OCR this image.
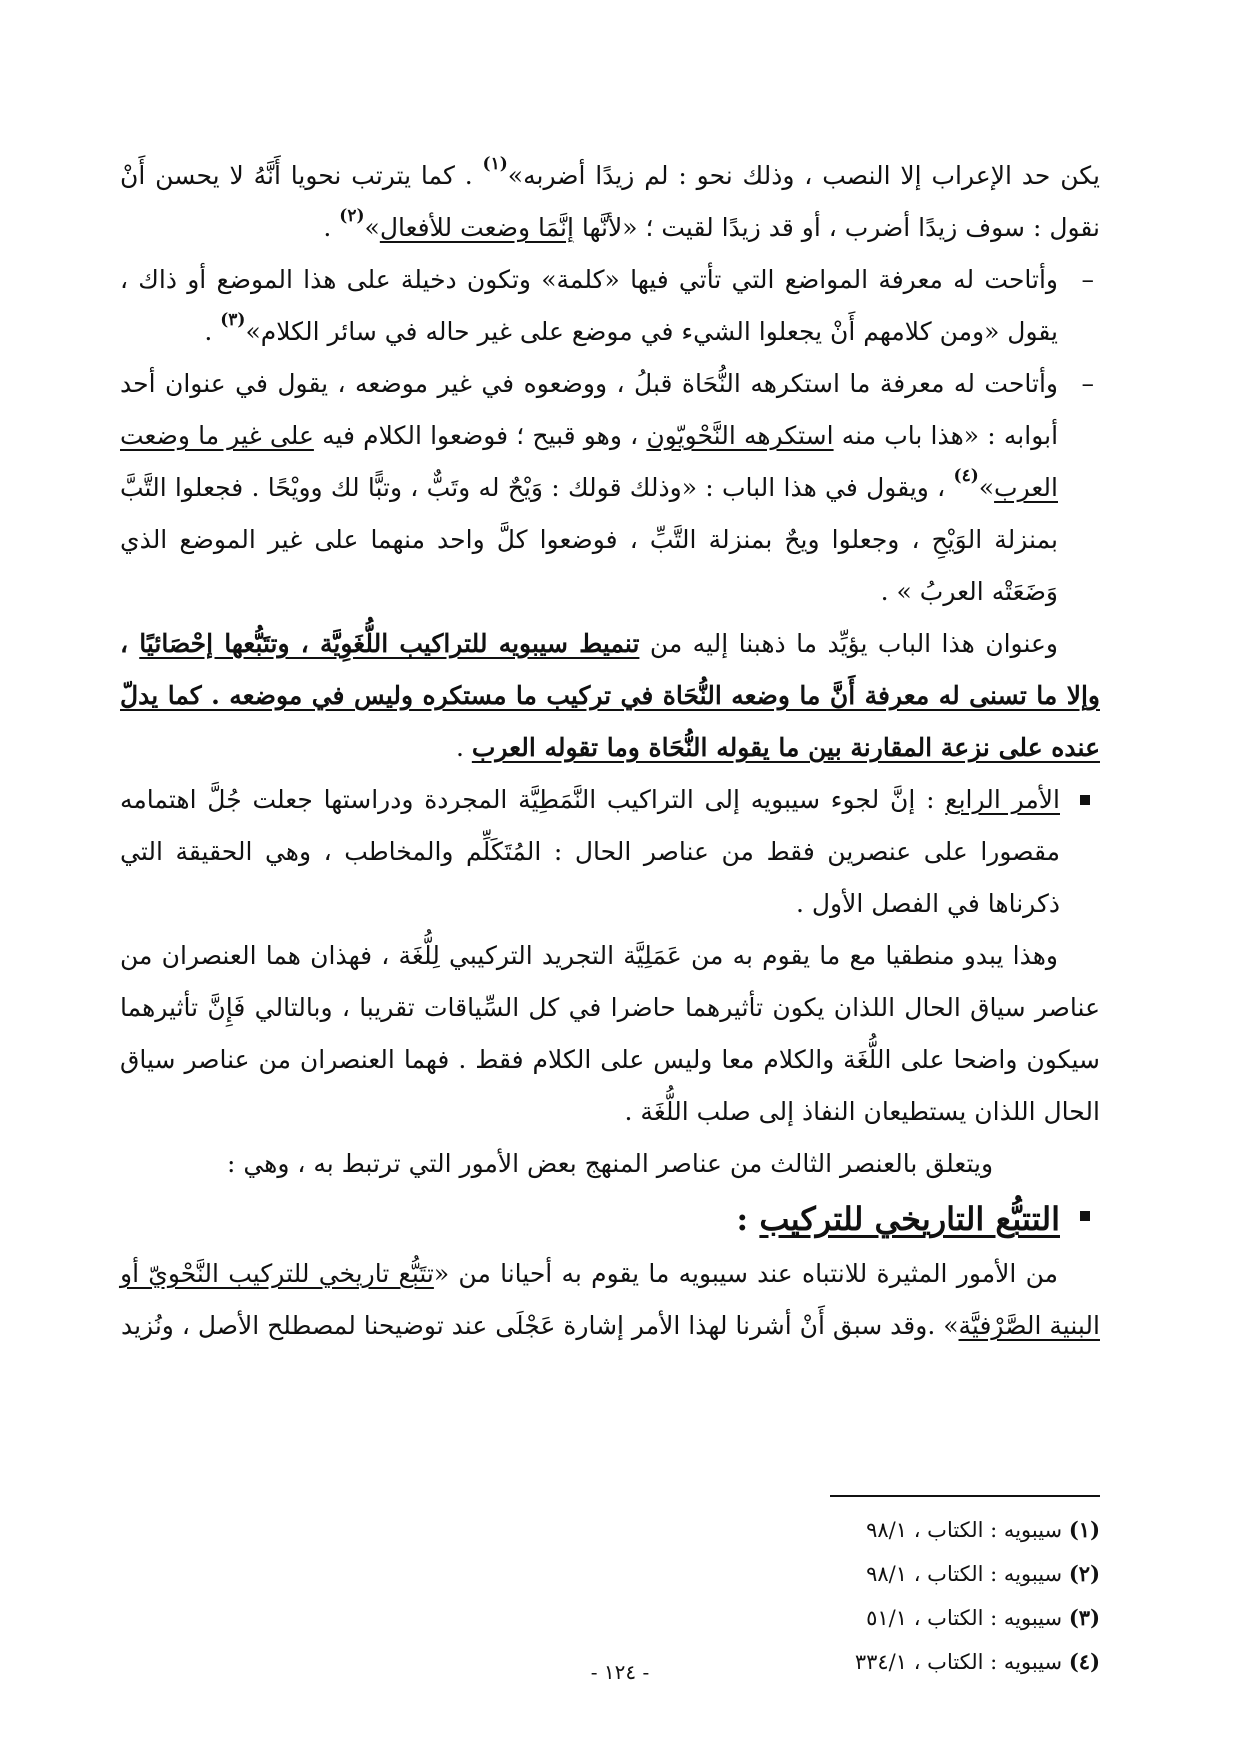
يكن حد الإعراب إلا النصب ، وذلك نحو : لم زيدًا أضربه»$^{(١)}$ . كما يترتب نحويا أَنَّهُ لا يحسن أَنْ نقول : سوف زيدًا أضرب ، أو قد زيدًا لقيت ؛ «لأنَّها إنَّمَا وضعت للأفعال»$^{(٢)}$ .

– وأتاحت له معرفة المواضع التي تأتي فيها «كلمة» وتكون دخيلة على هذا الموضع أو ذاك ، يقول «ومن كلامهم أَنْ يجعلوا الشيء في موضع على غير حاله في سائر الكلام»$^{(٣)}$ .

– وأتاحت له معرفة ما استكرهه النُّحَاة قبلُ ، ووضعوه في غير موضعه ، يقول في عنوان أحد أبوابه : «هذا باب منه استكرهه النَّحْويّون ، وهو قبيح ؛ فوضعوا الكلام فيه على غير ما وضعت العرب»$^{(٤)}$ ، ويقول في هذا الباب : «وذلك قولك : وَيْحٌ له وتَبٌّ ، وتبًّا لك وويْحًا . فجعلوا التَّبَّ بمنزلة الوَيْحِ ، وجعلوا ويحٌ بمنزلة التَّبِّ ، فوضعوا كلَّ واحد منهما على غير الموضع الذي وَضَعَتْه العربُ » .

وعنوان هذا الباب يؤيِّد ما ذهبنا إليه من تنميط سيبويه للتراكيب اللُّغَوِيَّة ، وتتَبُّعها إحْصَائيًا ، وإلا ما تسنى له معرفة أَنَّ ما وضعه النُّحَاة في تركيب ما مستكره وليس في موضعه . كما يدلّ عنده على نزعة المقارنة بين ما يقوله النُّحَاة وما تقوله العرب .

الأمر الرابع : إنَّ لجوء سيبويه إلى التراكيب النَّمَطِيَّة المجردة ودراستها جعلت جُلَّ اهتمامه مقصورا على عنصرين فقط من عناصر الحال : المُتَكَلِّم والمخاطب ، وهي الحقيقة التي ذكرناها في الفصل الأول .

وهذا يبدو منطقيا مع ما يقوم به من عَمَلِيَّة التجريد التركيبي لِلُّغَة ، فهذان هما العنصران من عناصر سياق الحال اللذان يكون تأثيرهما حاضرا في كل السِّياقات تقريبا ، وبالتالي فَإِنَّ تأثيرهما سيكون واضحا على اللُّغَة والكلام معا وليس على الكلام فقط . فهما العنصران من عناصر سياق الحال اللذان يستطيعان النفاذ إلى صلب اللُّغَة .

ويتعلق بالعنصر الثالث من عناصر المنهج بعض الأمور التي ترتبط به ، وهي :

التتبُّع التاريخي للتركيب :

من الأمور المثيرة للانتباه عند سيبويه ما يقوم به أحيانا من «تتَبُّع تاريخي للتركيب النَّحْويّ أو البنية الصَّرْفيَّة» .وقد سبق أَنْ أشرنا لهذا الأمر إشارة عَجْلَى عند توضيحنا لمصطلح الأصل ، ونُزيد

(١) سيبويه : الكتاب ، ٩٨/١
(٢) سيبويه : الكتاب ، ٩٨/١
(٣) سيبويه : الكتاب ، ٥١/١
(٤) سيبويه : الكتاب ، ٣٣٤/١
- ١٢٤ -
